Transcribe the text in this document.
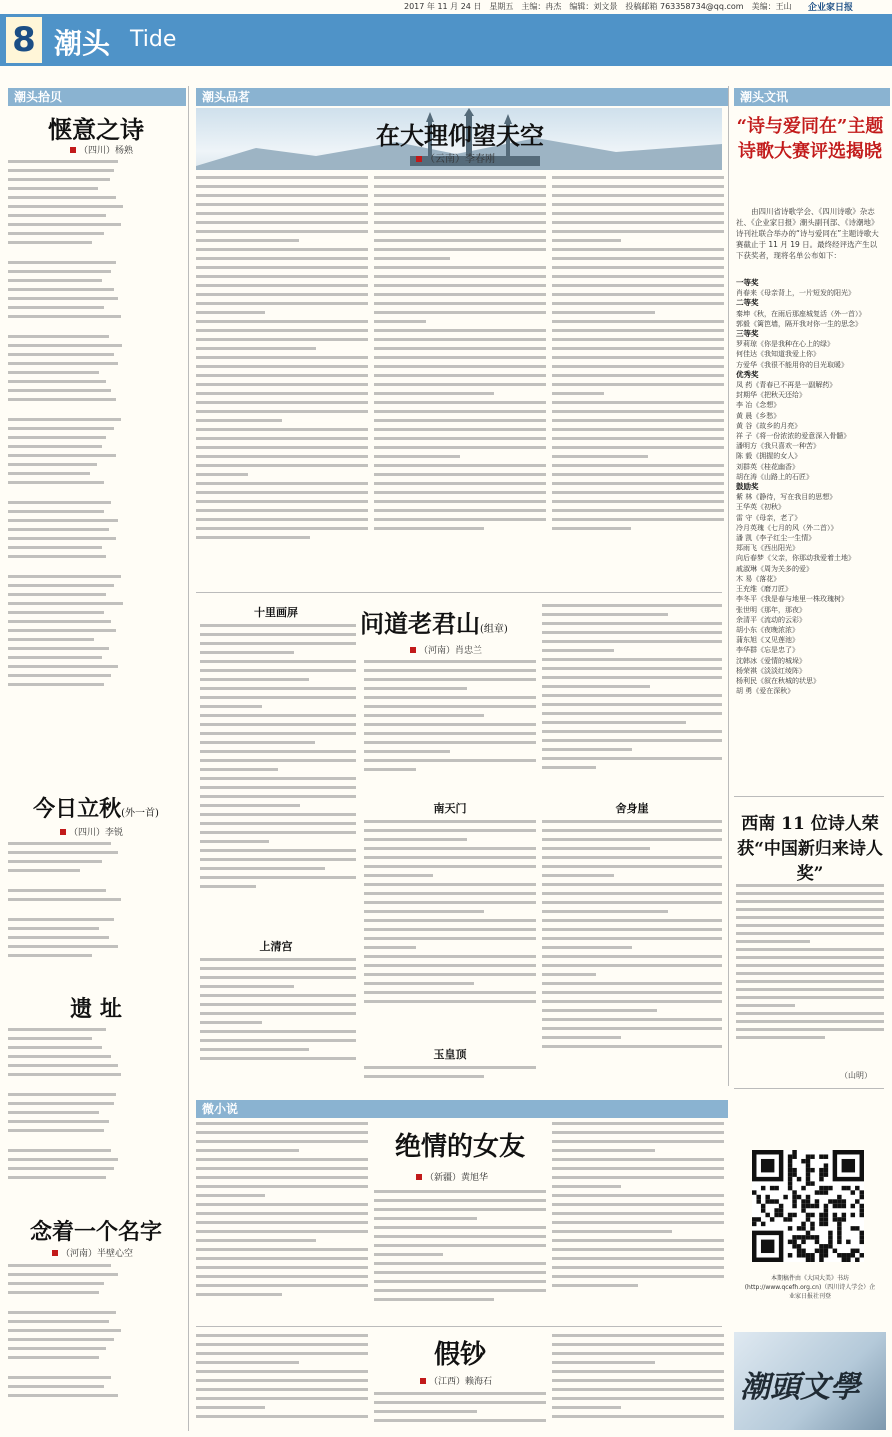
2017 年 11 月 24 日　星期五　主编：冉杰　编辑：刘文景　投稿邮箱 763358734@qq.com　美编：王山 企业家日报
8 潮头 Tide
潮头拾贝
惬意之诗
（四川）杨熟
今日立秋(外一首)
（四川）李锐
遗 址
念着一个名字
（河南）半壁心空
潮头品茗
在大理仰望天空
（云南）李春刚
十里画屏	问道老君山(组章)
（河南）肖忠兰
上清宫
南天门	舍身崖
玉皇顶
潮头文讯
“诗与爱同在”主题诗歌大赛评选揭晓
由四川省诗歌学会、《四川诗歌》杂志社、《企业家日报》潮头副刊部、《诗潮地》诗刊社联合举办的“诗与爱同在”主题诗歌大赛截止于 11 月 19 日。最终经评选产生以下获奖者，现将名单公布如下：
一等奖
肖春来《母亲背上，一片短发的阳光》
二等奖
秦坤《秋，在雨后那座城复活（外一首）》
郭毅《篱笆墙，隔开我对你一生的思念》
三等奖
罗莉琼《你是我种在心上的绿》
何佳达《我知道我爱上你》
方爱华《我很不能用你的目光取暖》
优秀奖
凤 药《青春已不再是一副解药》
封期华《把秋天还给》
李 冶《念想》
黄 晨《乡愁》
黄 谷《故乡的月亮》
祥 子《将一份浓浓的爱意深入骨髓》
潘明方《我只喜欢一种苦》
陈 毅《拥握的女人》
刘群英《桂花幽香》
胡在涛《山路上的石匠》
鼓励奖
紫 林《静待，写在我目的思想》
王华英《初秋》
雷 守《母亲，老了》
冷月英瑰《七月的风（外二首）》
潘 凯《李子红尘一生情》
郑雨飞《西出阳光》
向后春梦《父亲，你那动我爱着土地》
戚淑琳《周为关多的爱》
木 易《落花》
王充维《磨刀匠》
李冬平《我是春与地里一株玫瑰树》
张世明《那年，那夜》
余清平《流动的云彩》
胡小东《夜晚浓浓》
蒲东旭《又见莲池》
李华群《忘是忠了》
沈韩冰《爱情的城垛》
杨荣祺《淡淡红绫阵》
杨利民《叙在秋城的状思》
胡 勇《爱在深秋》
西南 11 位诗人荣获“中国新归来诗人奖”
（山明）
本期稿件由《大国大美》书坊(http://www.qcefh.org.cn)（四川诗人学会）企业家日报社刊登
潮頭文學
微小说
绝情的女友
（新疆）黄旭华
假钞
（江西）赖海石
